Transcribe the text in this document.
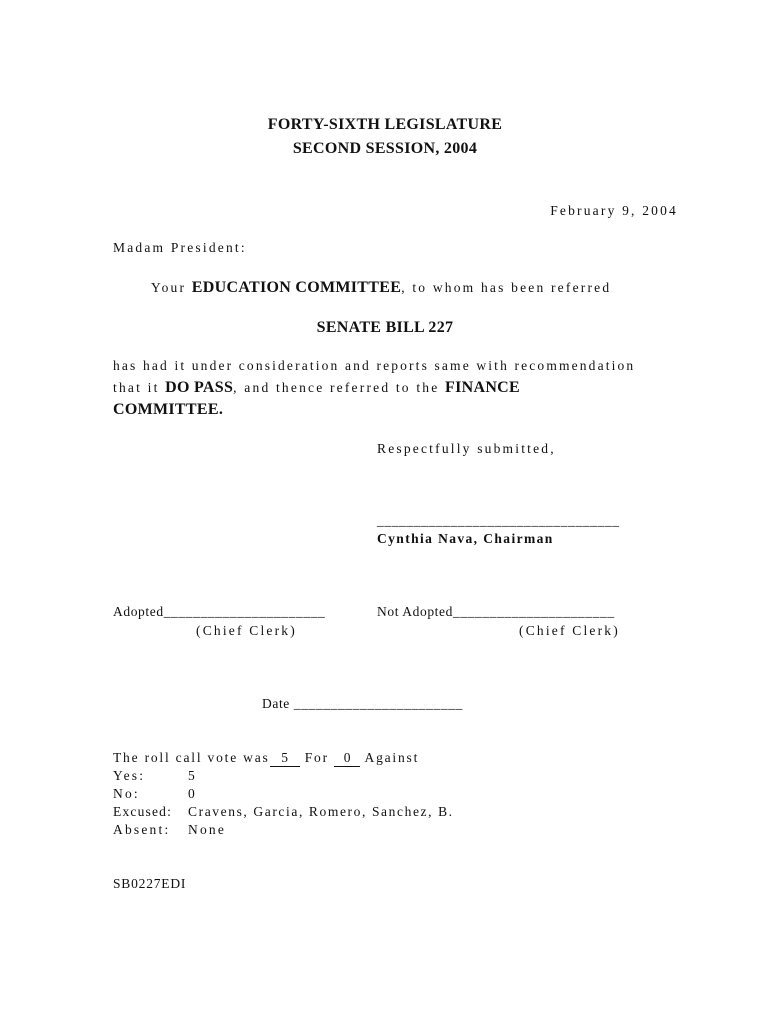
FORTY-SIXTH LEGISLATURE
SECOND SESSION, 2004
February 9, 2004
Madam President:
Your EDUCATION COMMITTEE, to whom has been referred
SENATE BILL 227
has had it under consideration and reports same with recommendation
that it DO PASS, and thence referred to the FINANCE
COMMITTEE.
Respectfully submitted,
_________________________________
Cynthia Nava, Chairman
Adopted______________________	Not Adopted______________________
(Chief Clerk)	(Chief Clerk)
Date _______________________
The roll call vote was 5 For 0 Against
Yes:	5
No:	0
Excused: Cravens, Garcia, Romero, Sanchez, B.
Absent: None
SB0227EDI
